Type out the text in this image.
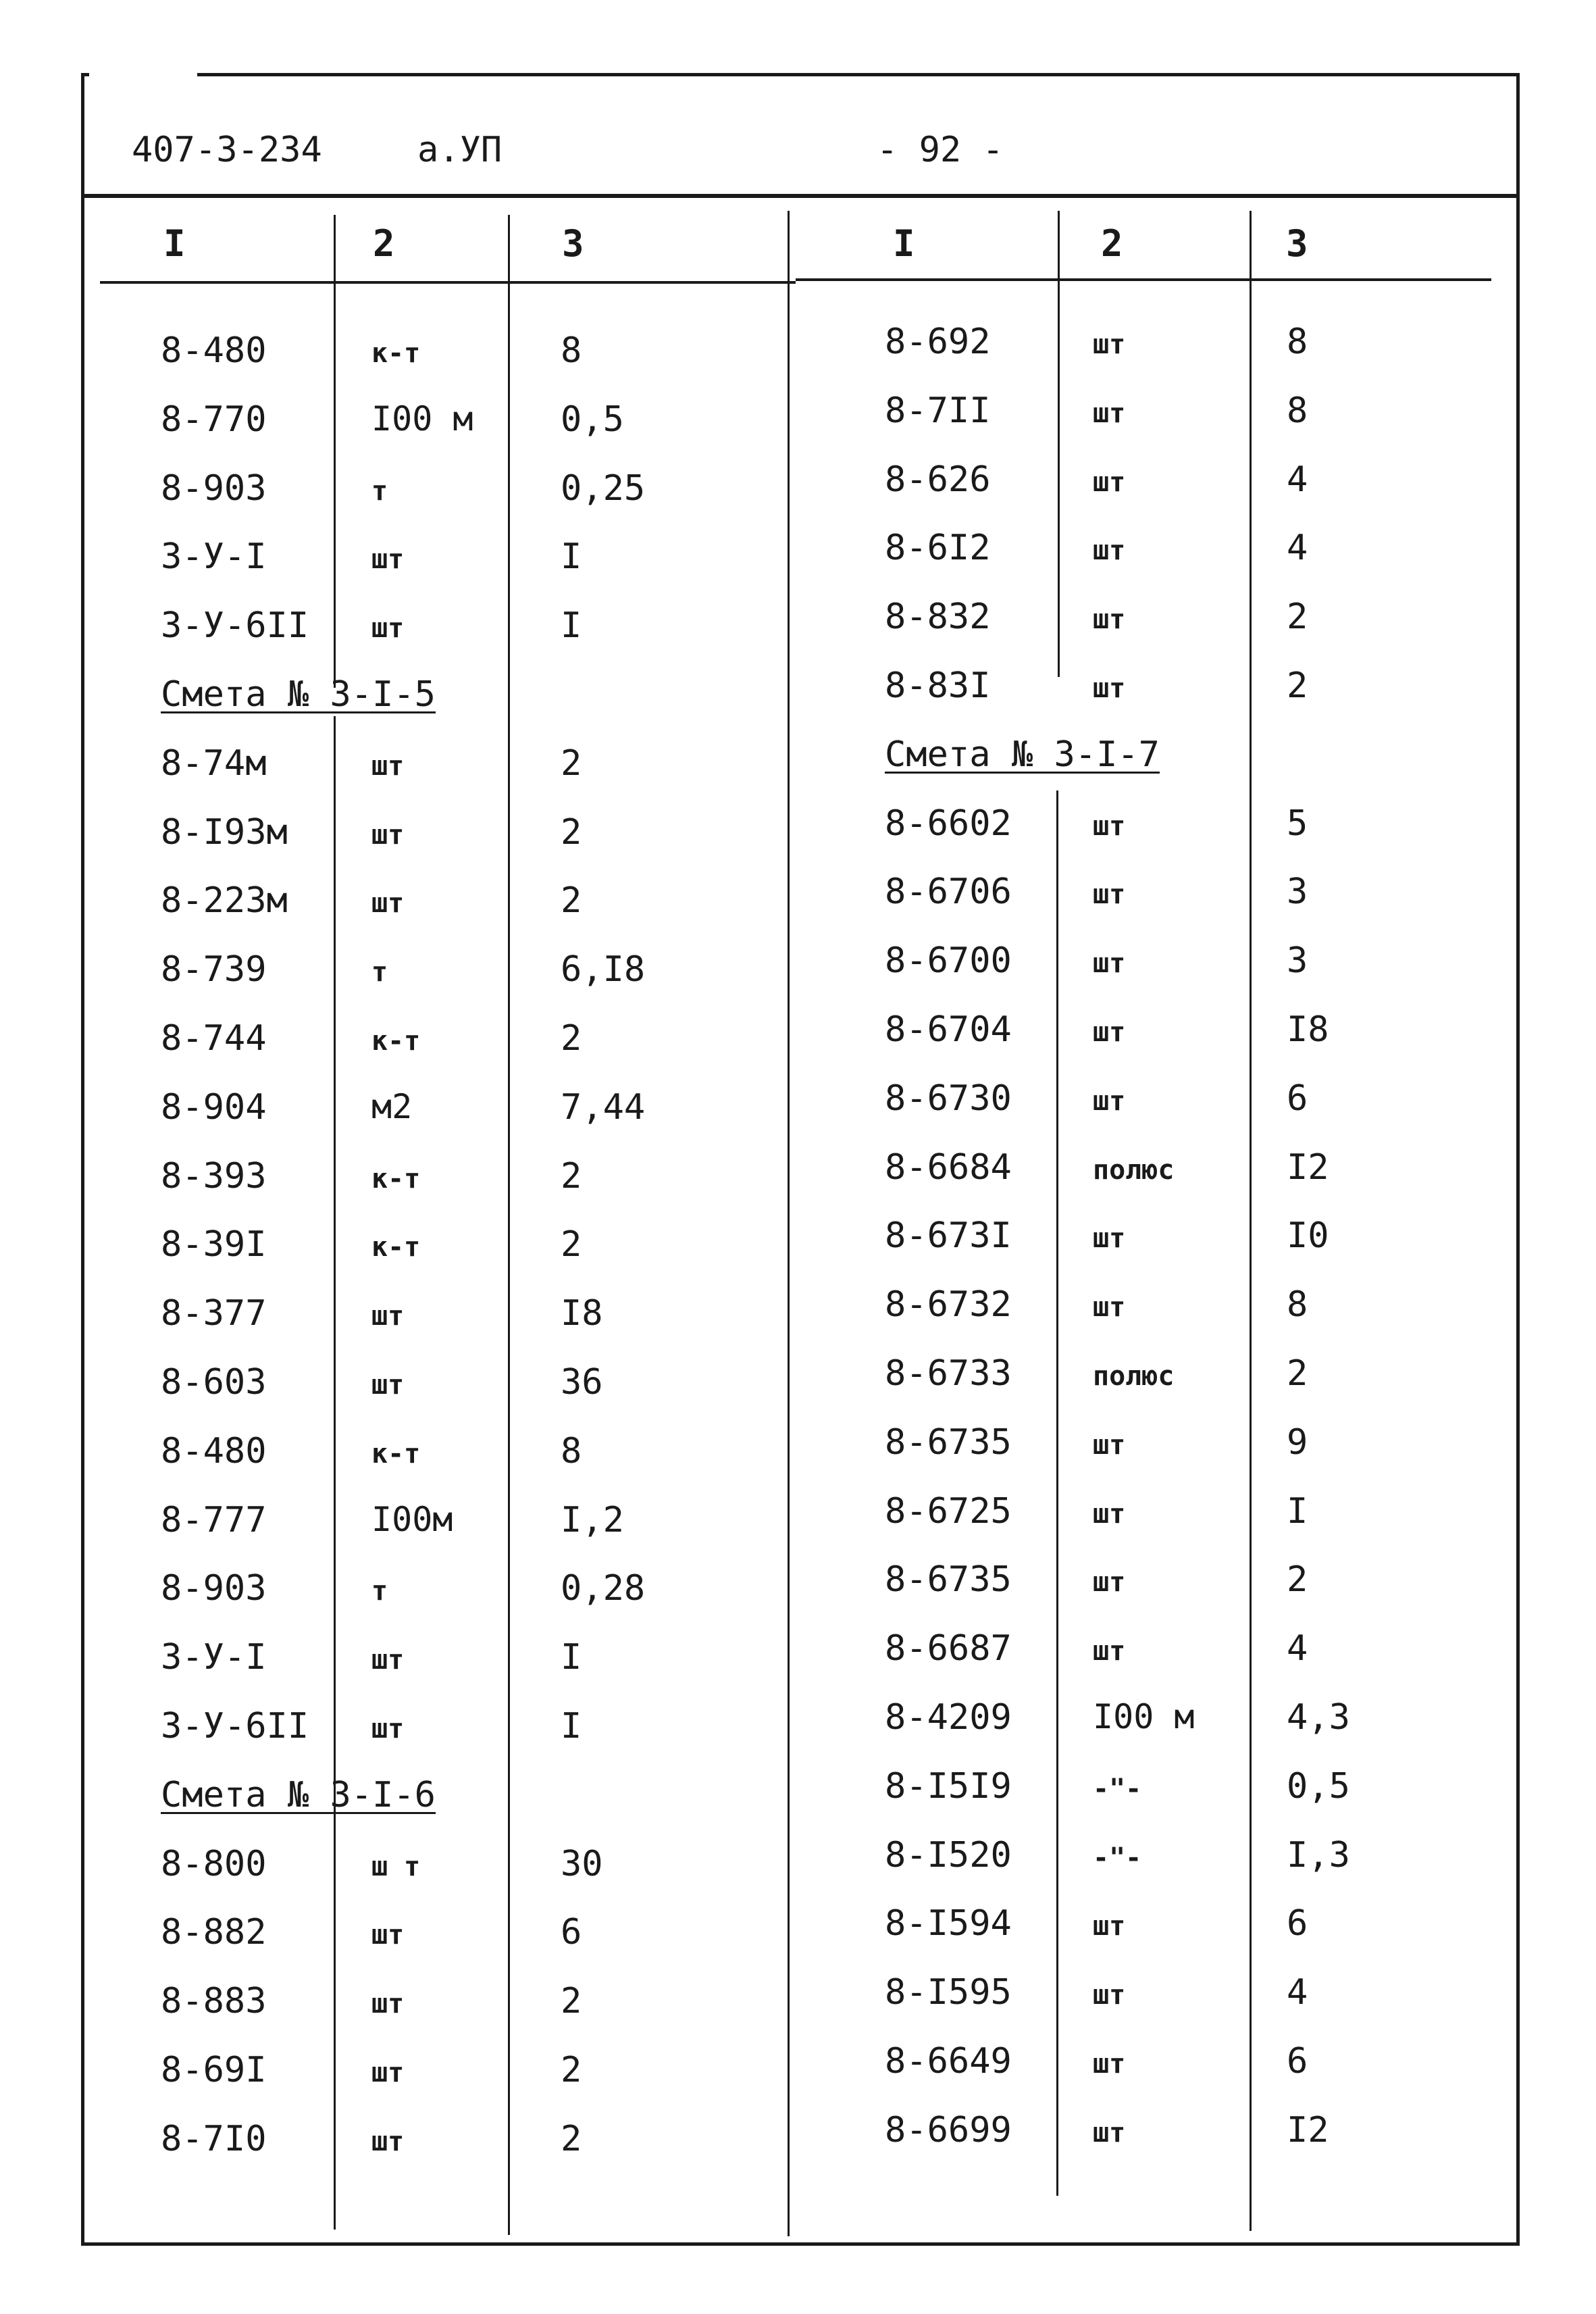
407-3-234	а.УП	- 92 -
I	2	3	I	2	3
8-480	к-т	8
8-770	I00 м 0,5
8-903	т	0,25
3-У-I	шт	I
3-У-6II шт	I
Смета № 3-I-5
8-74м	шт	2
8-I93м	шт	2
8-223м	шт	2
8-739	т	6,I8
8-744	к-т	2
8-904	м2	7,44
8-393	к-т	2
8-39I	к-т	2
8-377	шт	I8
8-603	шт	36
8-480	к-т	8
8-777	I00м	I,2
8-903	т	0,28
3-У-I	шт	I
3-У-6II шт	I
Смета № 3-I-6
8-800	ш т	30
8-882	шт	6
8-883	шт	2
8-69I	шт	2
8-7I0	шт	2
8-692	шт	8
8-7II	шт	8
8-626	шт	4
8-6I2	шт	4
8-832	шт	2
8-83I	шт	2
Смета № 3-I-7
8-6602	шт	5
8-6706	шт	3
8-6700	шт	3
8-6704	шт	I8
8-6730	шт	6
8-6684	полюс	I2
8-673I	шт	I0
8-6732	шт	8
8-6733	полюс	2
8-6735	шт	9
8-6725	шт	I
8-6735	шт	2
8-6687	шт	4
8-4209 I00 м	4,3
8-I5I9	-"-	0,5
8-I520	-"-	I,3
8-I594	шт	6
8-I595	шт	4
8-6649	шт	6
8-6699	шт	I2
